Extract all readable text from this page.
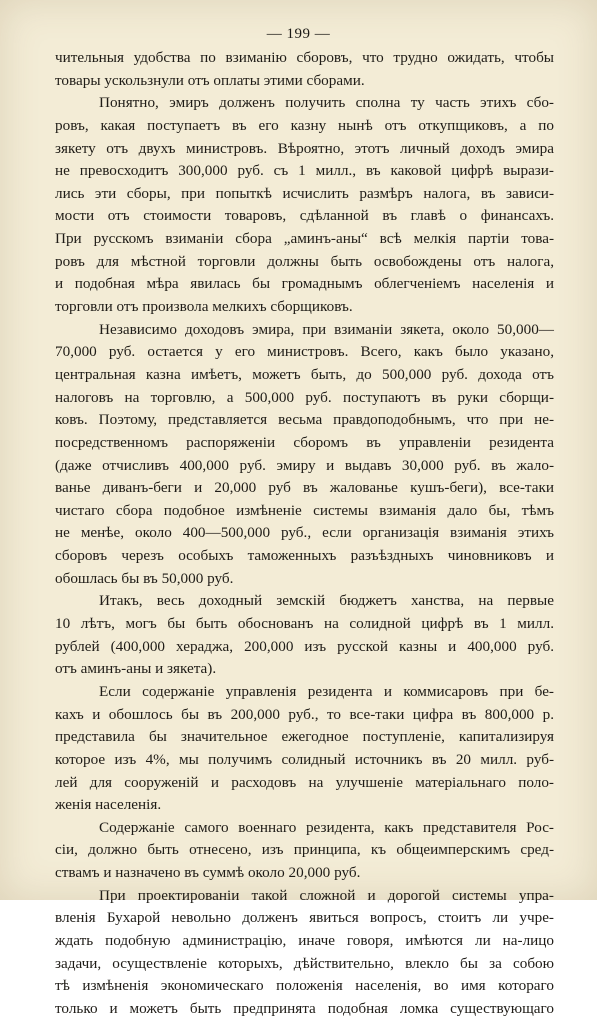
— 199 —
чительныя удобства по взиманію сборовъ, что трудно ожидать, чтобы
товары ускользнули отъ оплаты этими сборами.
Понятно, эмиръ долженъ получить сполна ту часть этихъ сбо-
ровъ, какая поступаетъ въ его казну нынѣ отъ откупщиковъ, а по
зякету отъ двухъ министровъ. Вѣроятно, этотъ личный доходъ эмира
не превосходитъ 300,000 руб. съ 1 милл., въ каковой цифрѣ вырази-
лись эти сборы, при попыткѣ исчислить размѣръ налога, въ зависи-
мости отъ стоимости товаровъ, сдѣланной въ главѣ о финансахъ.
При русскомъ взиманіи сбора „аминъ-аны“ всѣ мелкія партіи това-
ровъ для мѣстной торговли должны быть освобождены отъ налога,
и подобная мѣра явилась бы громаднымъ облегченіемъ населенія и
торговли отъ произвола мелкихъ сборщиковъ.
Независимо доходовъ эмира, при взиманіи зякета, около 50,000—
70,000 руб. остается у его министровъ. Всего, какъ было указано,
центральная казна имѣетъ, можетъ быть, до 500,000 руб. дохода отъ
налоговъ на торговлю, а 500,000 руб. поступаютъ въ руки сборщи-
ковъ. Поэтому, представляется весьма правдоподобнымъ, что при не-
посредственномъ распоряженіи сборомъ въ управленіи резидента
(даже отчисливъ 400,000 руб. эмиру и выдавъ 30,000 руб. въ жало-
ванье диванъ-беги и 20,000 руб въ жалованье кушъ-беги), все-таки
чистаго сбора подобное измѣненіе системы взиманія дало бы, тѣмъ
не менѣе, около 400—500,000 руб., если организація взиманія этихъ
сборовъ черезъ особыхъ таможенныхъ разъѣздныхъ чиновниковъ и
обошлась бы въ 50,000 руб.
Итакъ, весь доходный земскій бюджетъ ханства, на первые
10 лѣтъ, могъ бы быть обоснованъ на солидной цифрѣ въ 1 милл.
рублей (400,000 хераджа, 200,000 изъ русской казны и 400,000 руб.
отъ аминъ-аны и зякета).
Если содержаніе управленія резидента и коммисаровъ при бе-
кахъ и обошлось бы въ 200,000 руб., то все-таки цифра въ 800,000 р.
представила бы значительное ежегодное поступленіе, капитализируя
которое изъ 4%, мы получимъ солидный источникъ въ 20 милл. руб-
лей для сооруженій и расходовъ на улучшеніе матеріальнаго поло-
женія населенія.
Содержаніе самого военнаго резидента, какъ представителя Рос-
сіи, должно быть отнесено, изъ принципа, къ общеимперскимъ сред-
ствамъ и назначено въ суммѣ около 20,000 руб.
При проектированіи такой сложной и дорогой системы упра-
вленія Бухарой невольно долженъ явиться вопросъ, стоитъ ли учре-
ждать подобную администрацію, иначе говоря, имѣются ли на-лицо
задачи, осуществленіе которыхъ, дѣйствительно, влекло бы за собою
тѣ измѣненія экономическаго положенія населенія, во имя котораго
только и можетъ быть предпринята подобная ломка существующаго
